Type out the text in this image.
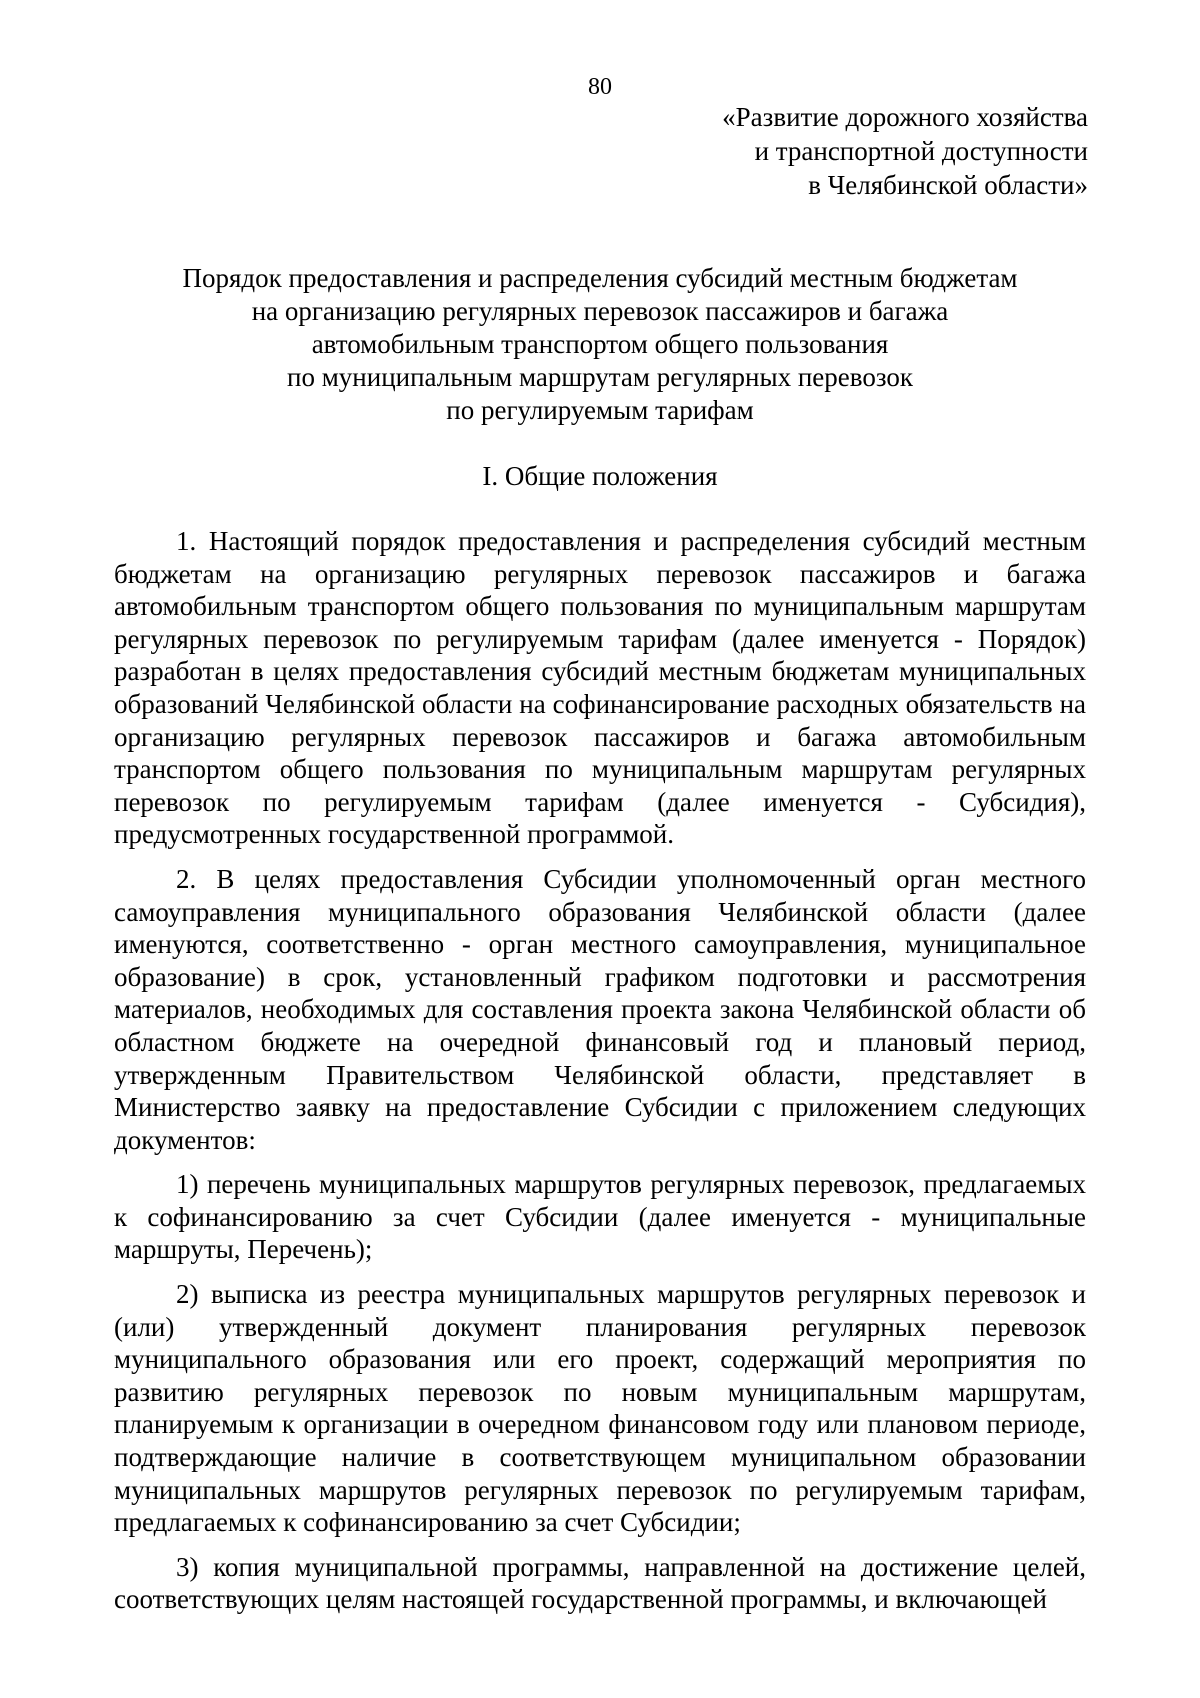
80
«Развитие дорожного хозяйства
и транспортной доступности
в Челябинской области»
Порядок предоставления и распределения субсидий местным бюджетам
на организацию регулярных перевозок пассажиров и багажа
автомобильным транспортом общего пользования
по муниципальным маршрутам регулярных перевозок
по регулируемым тарифам
I. Общие положения

1. Настоящий порядок предоставления и распределения субсидий местным бюджетам на организацию регулярных перевозок пассажиров и багажа автомобильным транспортом общего пользования по муниципальным маршрутам регулярных перевозок по регулируемым тарифам (далее именуется - Порядок) разработан в целях предоставления субсидий местным бюджетам муниципальных образований Челябинской области на софинансирование расходных обязательств на организацию регулярных перевозок пассажиров и багажа автомобильным транспортом общего пользования по муниципальным маршрутам регулярных перевозок по регулируемым тарифам (далее именуется - Субсидия), предусмотренных государственной программой.

2. В целях предоставления Субсидии уполномоченный орган местного самоуправления муниципального образования Челябинской области (далее именуются, соответственно - орган местного самоуправления, муниципальное образование) в срок, установленный графиком подготовки и рассмотрения материалов, необходимых для составления проекта закона Челябинской области об областном бюджете на очередной финансовый год и плановый период, утвержденным Правительством Челябинской области, представляет в Министерство заявку на предоставление Субсидии с приложением следующих документов:

1) перечень муниципальных маршрутов регулярных перевозок, предлагаемых к софинансированию за счет Субсидии (далее именуется - муниципальные маршруты, Перечень);

2) выписка из реестра муниципальных маршрутов регулярных перевозок и (или) утвержденный документ планирования регулярных перевозок муниципального образования или его проект, содержащий мероприятия по развитию регулярных перевозок по новым муниципальным маршрутам, планируемым к организации в очередном финансовом году или плановом периоде, подтверждающие наличие в соответствующем муниципальном образовании муниципальных маршрутов регулярных перевозок по регулируемым тарифам, предлагаемых к софинансированию за счет Субсидии;

3) копия муниципальной программы, направленной на достижение целей, соответствующих целям настоящей государственной программы, и включающей
